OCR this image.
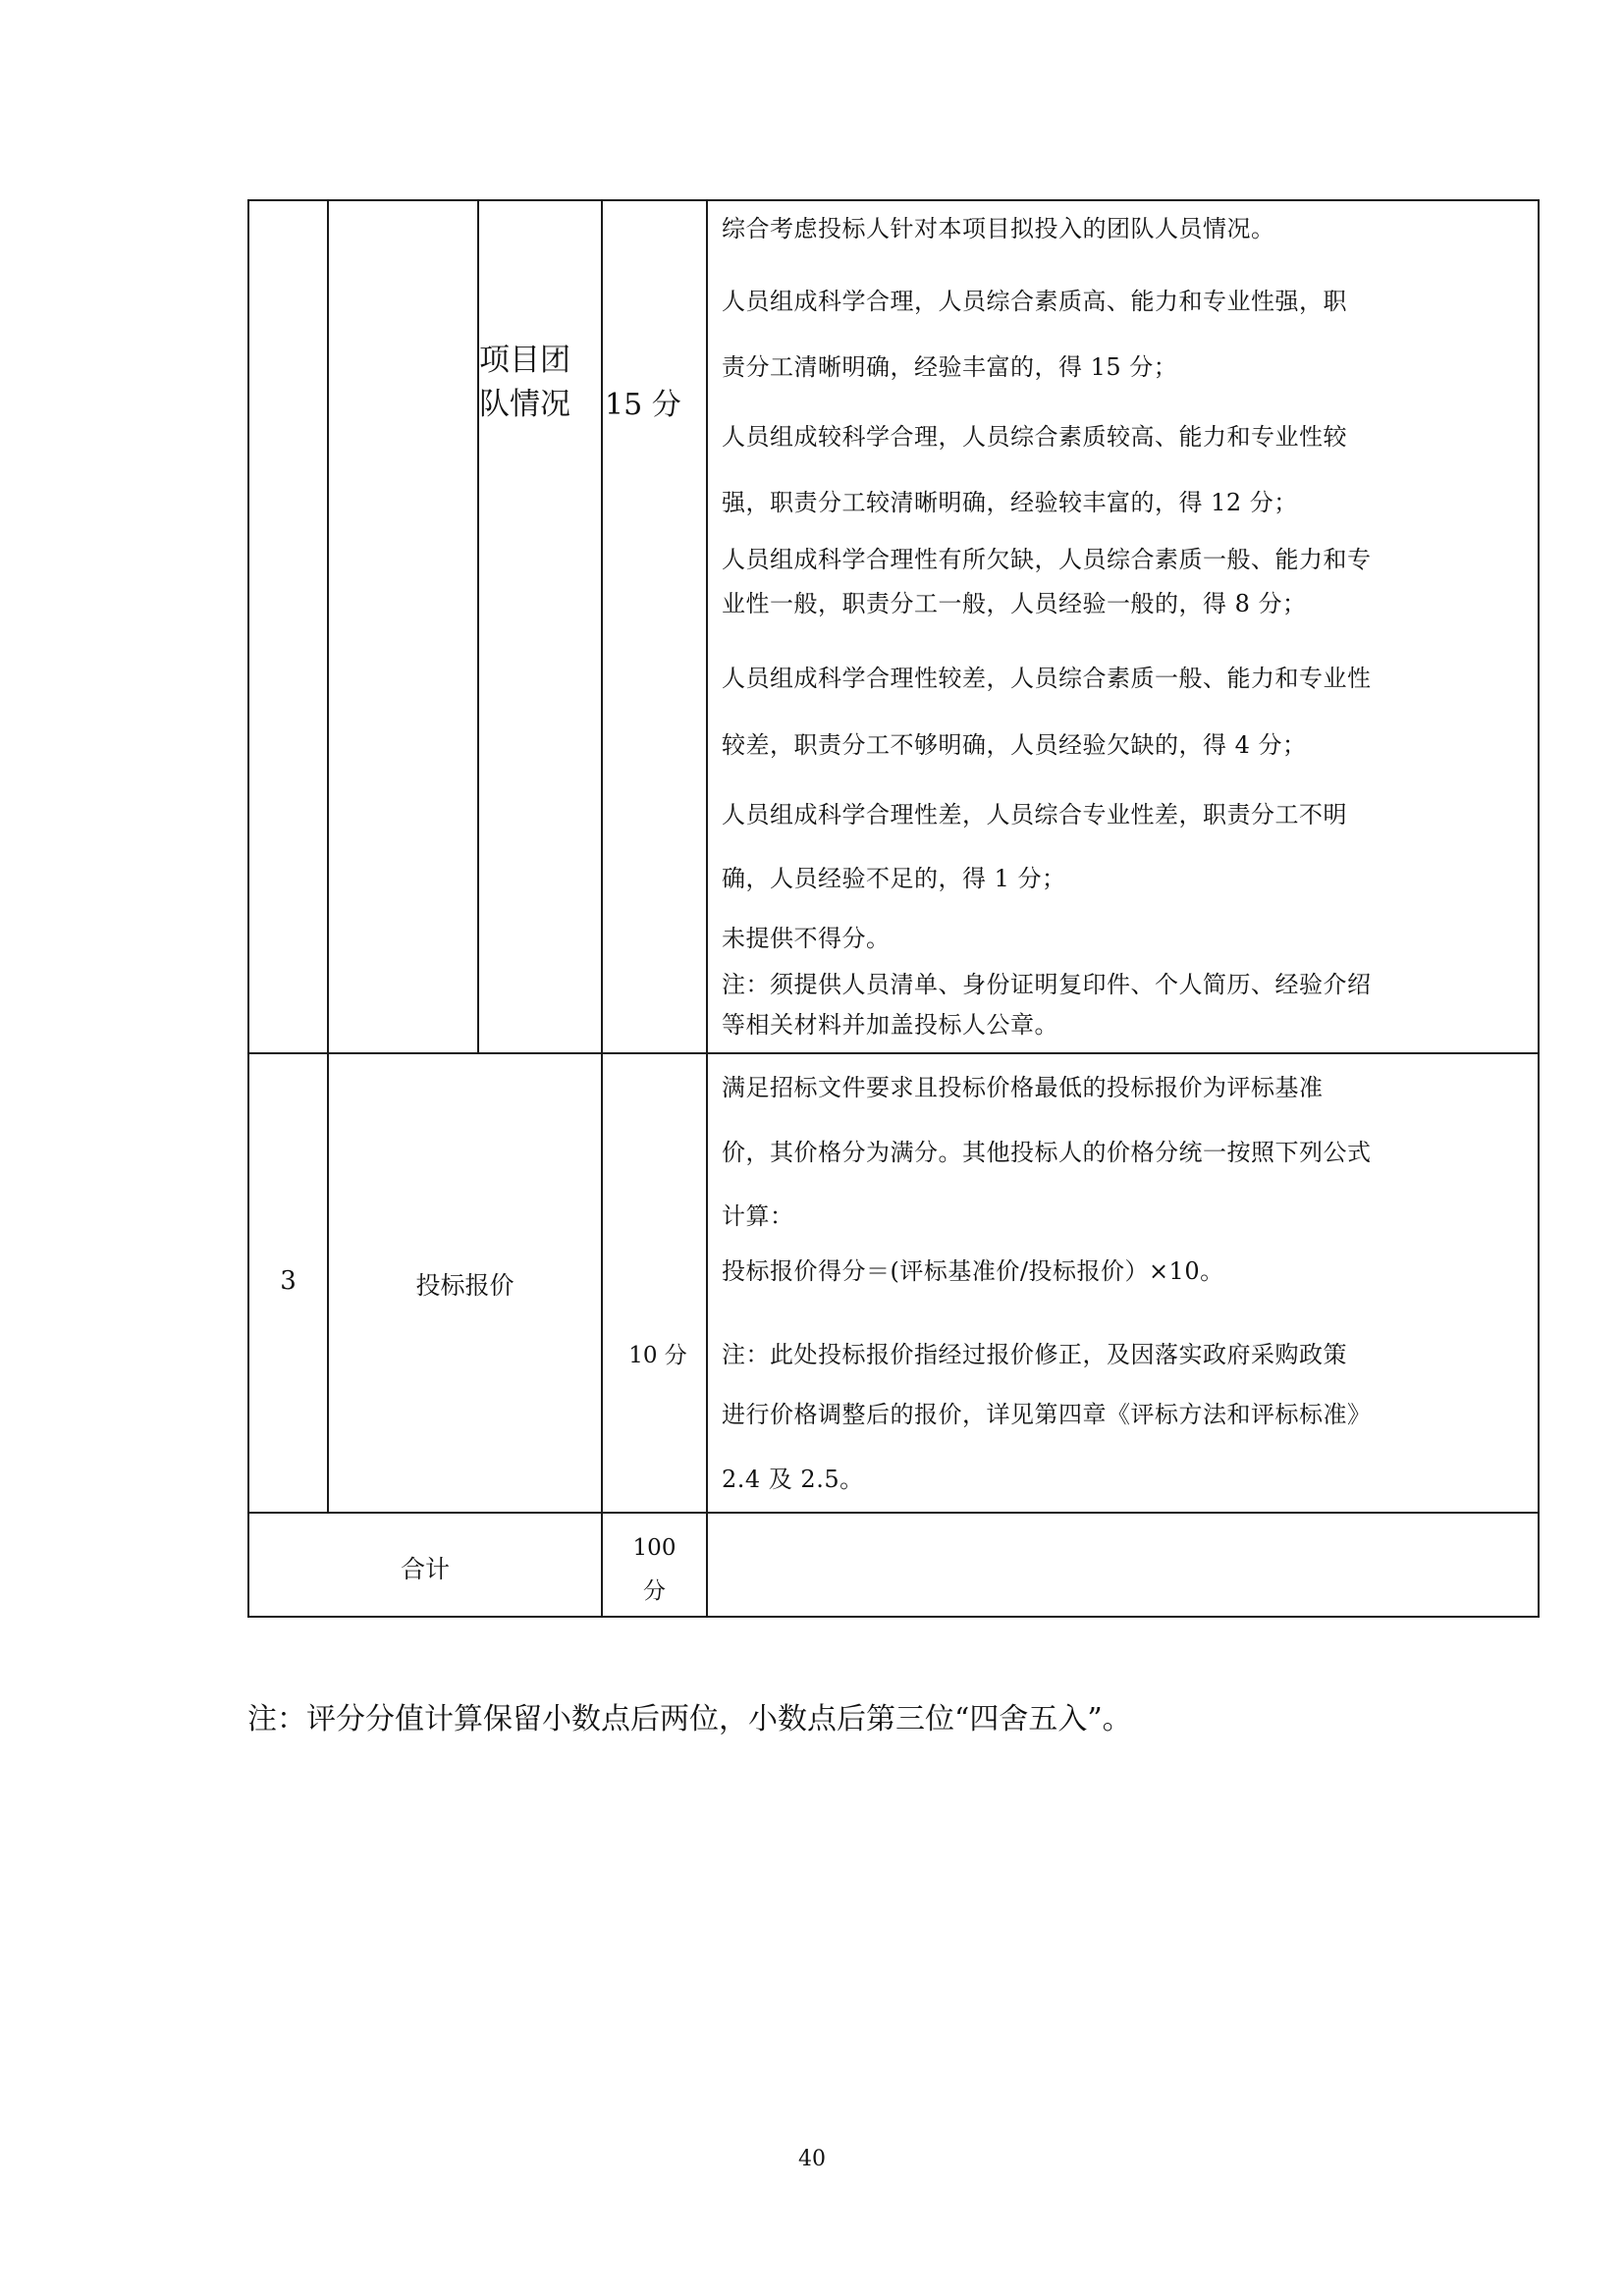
项目团
队情况	15 分
综合考虑投标人针对本项目拟投入的团队人员情况。
人员组成科学合理，人员综合素质高、能力和专业性强，职
责分工清晰明确，经验丰富的，得 15 分；
人员组成较科学合理，人员综合素质较高、能力和专业性较
强，职责分工较清晰明确，经验较丰富的，得 12 分；
人员组成科学合理性有所欠缺，人员综合素质一般、能力和专
业性一般，职责分工一般，人员经验一般的，得 8 分；
人员组成科学合理性较差，人员综合素质一般、能力和专业性
较差，职责分工不够明确，人员经验欠缺的，得 4 分；
人员组成科学合理性差，人员综合专业性差，职责分工不明
确，人员经验不足的，得 1 分；
未提供不得分。
注：须提供人员清单、身份证明复印件、个人简历、经验介绍
等相关材料并加盖投标人公章。
3	投标报价
10 分
满足招标文件要求且投标价格最低的投标报价为评标基准
价，其价格分为满分。其他投标人的价格分统一按照下列公式
计算：
投标报价得分＝(评标基准价/投标报价）×10。
注：此处投标报价指经过报价修正，及因落实政府采购政策
进行价格调整后的报价，详见第四章《评标方法和评标标准》
2.4 及 2.5。
合计
100
分
注：评分分值计算保留小数点后两位，小数点后第三位“四舍五入”。
40
